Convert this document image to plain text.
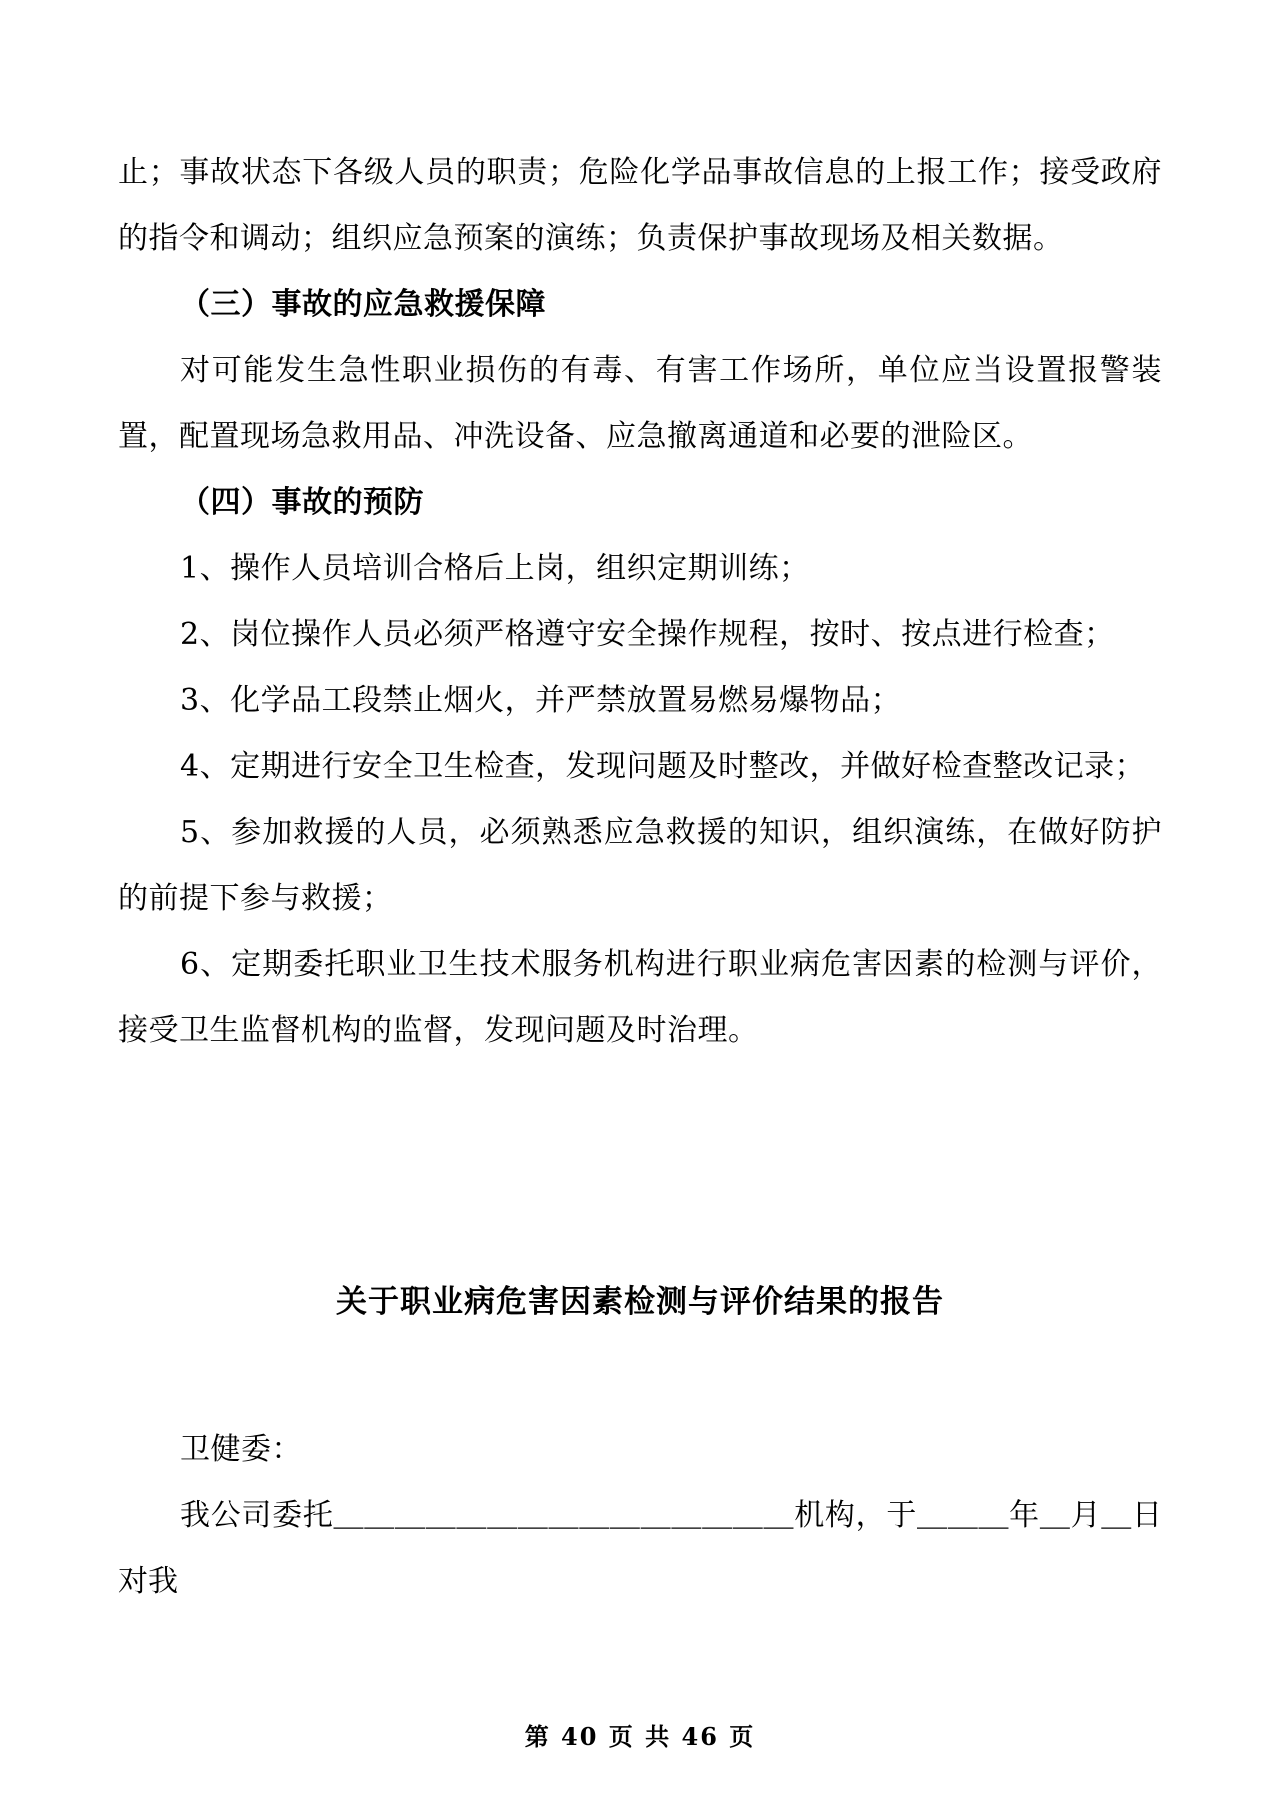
止；事故状态下各级人员的职责；危险化学品事故信息的上报工作；接受政府的指令和调动；组织应急预案的演练；负责保护事故现场及相关数据。

（三）事故的应急救援保障

对可能发生急性职业损伤的有毒、有害工作场所，单位应当设置报警装置，配置现场急救用品、冲洗设备、应急撤离通道和必要的泄险区。

（四）事故的预防

1、操作人员培训合格后上岗，组织定期训练；

2、岗位操作人员必须严格遵守安全操作规程，按时、按点进行检查；

3、化学品工段禁止烟火，并严禁放置易燃易爆物品；

4、定期进行安全卫生检查，发现问题及时整改，并做好检查整改记录；

5、参加救援的人员，必须熟悉应急救援的知识，组织演练，在做好防护的前提下参与救援；

6、定期委托职业卫生技术服务机构进行职业病危害因素的检测与评价，接受卫生监督机构的监督，发现问题及时治理。

关于职业病危害因素检测与评价结果的报告

卫健委：

我公司委托＿＿＿＿＿＿＿＿＿＿＿＿＿＿＿机构，于＿＿＿年＿月＿日对我

第 40 页 共 46 页
